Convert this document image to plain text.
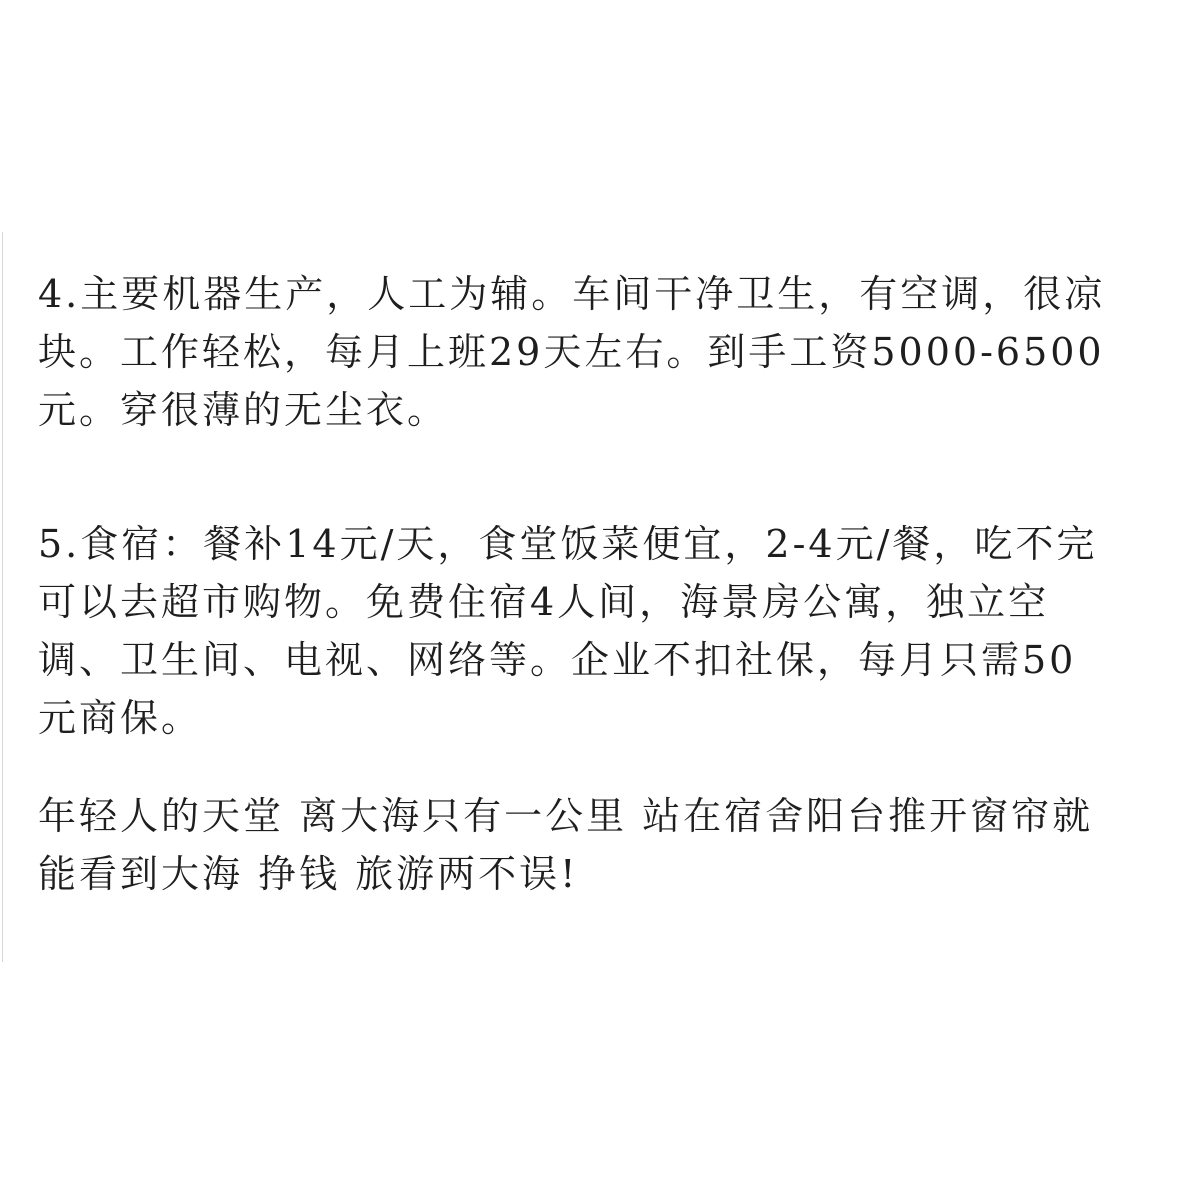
4.主要机器生产，人工为辅。车间干净卫生，有空调，很凉
块。工作轻松，每月上班29天左右。到手工资5000-6500
元。穿很薄的无尘衣。
5.食宿：餐补14元/天，食堂饭菜便宜，2-4元/餐，吃不完
可以去超市购物。免费住宿4人间，海景房公寓，独立空
调、卫生间、电视、网络等。企业不扣社保，每月只需50
元商保。
年轻人的天堂 离大海只有一公里 站在宿舍阳台推开窗帘就
能看到大海 挣钱 旅游两不误!
